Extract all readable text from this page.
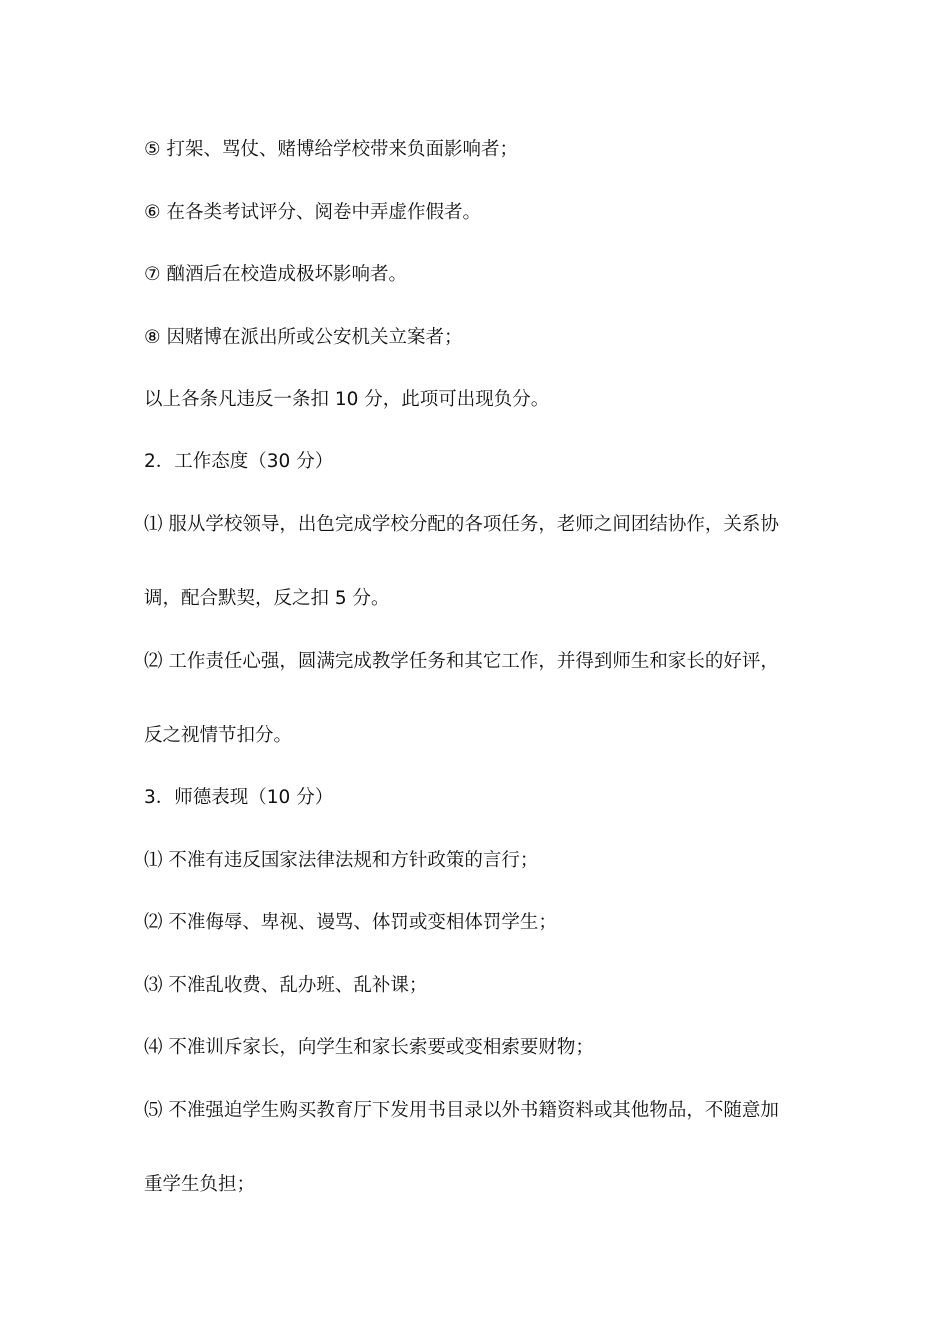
⑤ 打架、骂仗、赌博给学校带来负面影响者；
⑥ 在各类考试评分、阅卷中弄虚作假者。
⑦ 酗酒后在校造成极坏影响者。
⑧ 因赌博在派出所或公安机关立案者；
以上各条凡违反一条扣 10 分，此项可出现负分。
2．工作态度（30 分）
⑴ 服从学校领导，出色完成学校分配的各项任务，老师之间团结协作，关系协
调，配合默契，反之扣 5 分。
⑵ 工作责任心强，圆满完成教学任务和其它工作，并得到师生和家长的好评，
反之视情节扣分。
3．师德表现（10 分）
⑴ 不准有违反国家法律法规和方针政策的言行；
⑵ 不准侮辱、卑视、谩骂、体罚或变相体罚学生；
⑶ 不准乱收费、乱办班、乱补课；
⑷ 不准训斥家长，向学生和家长索要或变相索要财物；
⑸ 不准强迫学生购买教育厅下发用书目录以外书籍资料或其他物品，不随意加
重学生负担；
